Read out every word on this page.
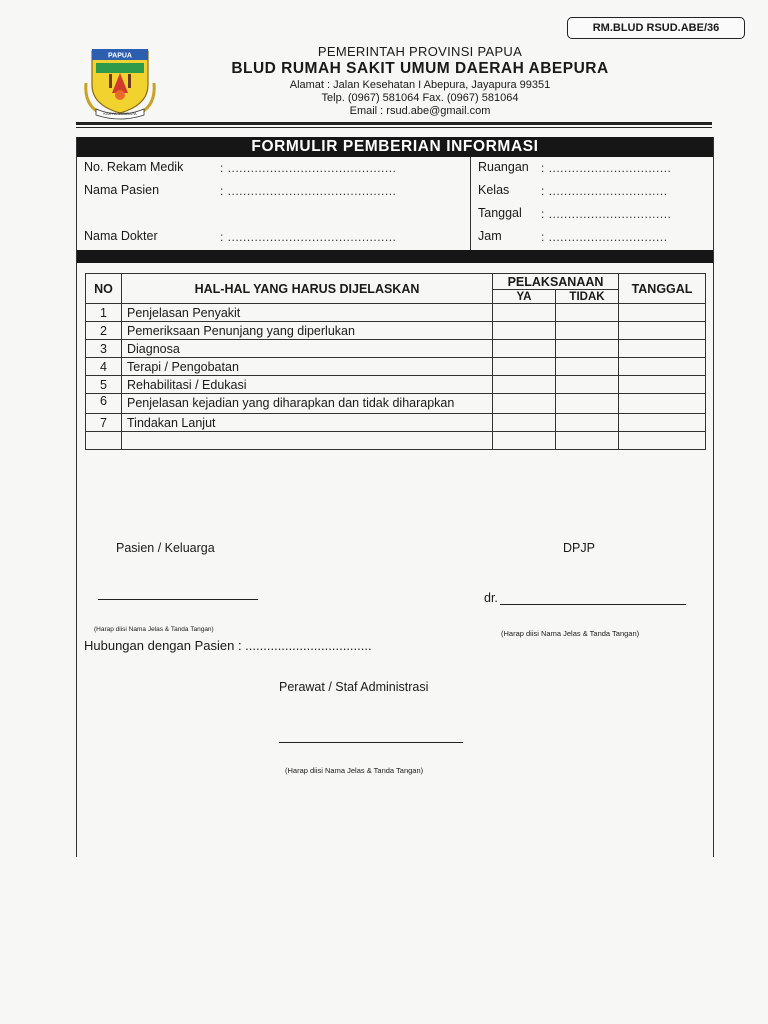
RM.BLUD RSUD.ABE/36
PAPUA
KARYA SWADAYA
PEMERINTAH PROVINSI PAPUA
BLUD RUMAH SAKIT UMUM DAERAH ABEPURA
Alamat : Jalan Kesehatan I Abepura, Jayapura 99351
Telp. (0967) 581064 Fax. (0967) 581064
Email : rsud.abe@gmail.com
FORMULIR PEMBERIAN INFORMASI
No. Rekam Medik	: ............................................
Nama Pasien	: ............................................
Nama Dokter	: ............................................
Ruangan : ................................
Kelas	: ...............................
Tanggal : ................................
Jam	: ...............................
NO	HAL-HAL YANG HARUS DIJELASKAN	PELAKSANAAN		TANGGAL
		YA	TIDAK	
1	Penjelasan Penyakit			
2	Pemeriksaan Penunjang yang diperlukan			
3	Diagnosa			
4	Terapi / Pengobatan			
5	Rehabilitasi / Edukasi			
6	Penjelasan kejadian yang diharapkan dan tidak diharapkan			
7	Tindakan Lanjut			

Pasien / Keluarga	DPJP
dr.
(Harap diisi Nama Jelas & Tanda Tangan)	(Harap diisi Nama Jelas & Tanda Tangan)
Hubungan dengan Pasien : ...................................
Perawat / Staf Administrasi
(Harap diisi Nama Jelas & Tanda Tangan)
